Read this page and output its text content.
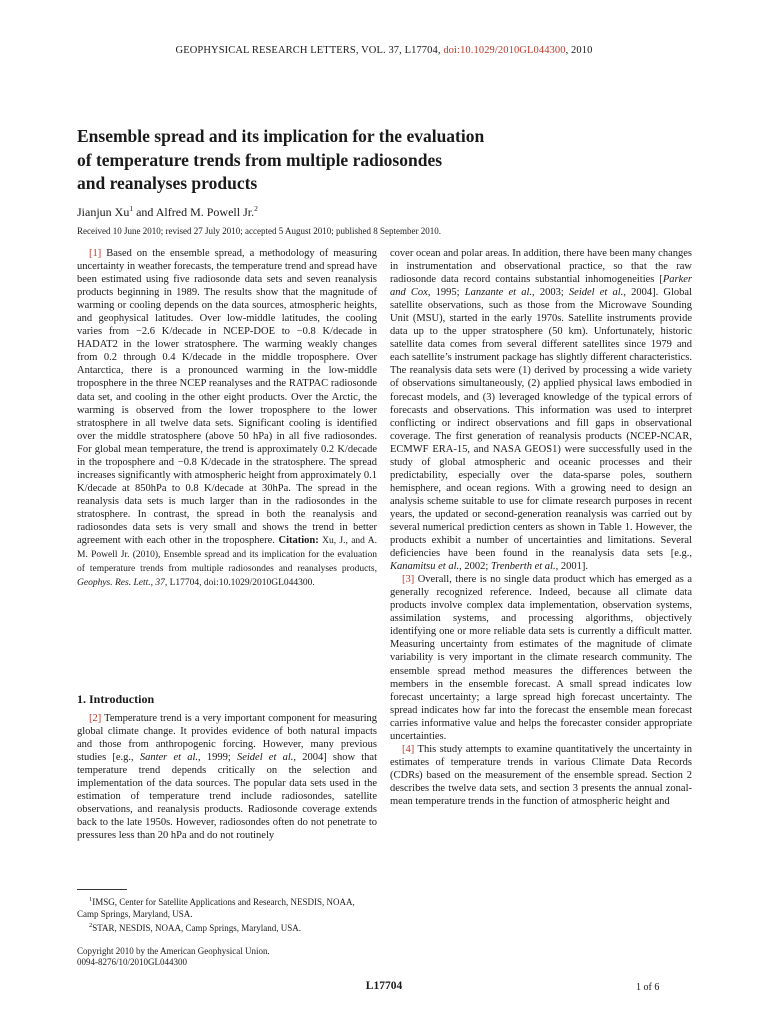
GEOPHYSICAL RESEARCH LETTERS, VOL. 37, L17704, doi:10.1029/2010GL044300, 2010
Ensemble spread and its implication for the evaluation
of temperature trends from multiple radiosondes
and reanalyses products
Jianjun Xu$^1$ and Alfred M. Powell Jr.$^2$
Received 10 June 2010; revised 27 July 2010; accepted 5 August 2010; published 8 September 2010.

[1] Based on the ensemble spread, a methodology of measuring uncertainty in weather forecasts, the temperature trend and spread have been estimated using five radiosonde data sets and seven reanalysis products beginning in 1989. The results show that the magnitude of warming or cooling depends on the data sources, atmospheric heights, and geophysical latitudes. Over low-middle latitudes, the cooling varies from −2.6 K/decade in NCEP-DOE to −0.8 K/decade in HADAT2 in the lower stratosphere. The warming weakly changes from 0.2 through 0.4 K/decade in the middle troposphere. Over Antarctica, there is a pronounced warming in the low-middle troposphere in the three NCEP reanalyses and the RATPAC radiosonde data set, and cooling in the other eight products. Over the Arctic, the warming is observed from the lower troposphere to the lower stratosphere in all twelve data sets. Significant cooling is identified over the middle stratosphere (above 50 hPa) in all five radiosondes. For global mean temperature, the trend is approximately 0.2 K/decade in the troposphere and −0.8 K/decade in the stratosphere. The spread increases significantly with atmospheric height from approximately 0.1 K/decade at 850hPa to 0.8 K/decade at 30hPa. The spread in the reanalysis data sets is much larger than in the radiosondes in the stratosphere. In contrast, the spread in both the reanalysis and radiosondes data sets is very small and shows the trend in better agreement with each other in the troposphere. Citation: Xu, J., and A. M. Powell Jr. (2010), Ensemble spread and its implication for the evaluation of temperature trends from multiple radiosondes and reanalyses products, Geophys. Res. Lett., 37, L17704, doi:10.1029/2010GL044300.

1. Introduction

[2] Temperature trend is a very important component for measuring global climate change. It provides evidence of both natural impacts and those from anthropogenic forcing. However, many previous studies [e.g., Santer et al., 1999; Seidel et al., 2004] show that temperature trend depends critically on the selection and implementation of the data sources. The popular data sets used in the estimation of temperature trend include radiosondes, satellite observations, and reanalysis products. Radiosonde coverage extends back to the late 1950s. However, radiosondes often do not penetrate to pressures less than 20 hPa and do not routinely

cover ocean and polar areas. In addition, there have been many changes in instrumentation and observational practice, so that the raw radiosonde data record contains substantial inhomogeneities [Parker and Cox, 1995; Lanzante et al., 2003; Seidel et al., 2004]. Global satellite observations, such as those from the Microwave Sounding Unit (MSU), started in the early 1970s. Satellite instruments provide data up to the upper stratosphere (50 km). Unfortunately, historic satellite data comes from several different satellites since 1979 and each satellite’s instrument package has slightly different characteristics. The reanalysis data sets were (1) derived by processing a wide variety of observations simultaneously, (2) applied physical laws embodied in forecast models, and (3) leveraged knowledge of the typical errors of forecasts and observations. This information was used to interpret conflicting or indirect observations and fill gaps in observational coverage. The first generation of reanalysis products (NCEP-NCAR, ECMWF ERA-15, and NASA GEOS1) were successfully used in the study of global atmospheric and oceanic processes and their predictability, especially over the data-sparse poles, southern hemisphere, and ocean regions. With a growing need to design an analysis scheme suitable to use for climate research purposes in recent years, the updated or second-generation reanalysis was carried out by several numerical prediction centers as shown in Table 1. However, the products exhibit a number of uncertainties and limitations. Several deficiencies have been found in the reanalysis data sets [e.g., Kanamitsu et al., 2002; Trenberth et al., 2001].

[3] Overall, there is no single data product which has emerged as a generally recognized reference. Indeed, because all climate data products involve complex data implementation, observation systems, assimilation systems, and processing algorithms, objectively identifying one or more reliable data sets is currently a difficult matter. Measuring uncertainty from estimates of the magnitude of climate variability is very important in the climate research community. The ensemble spread method measures the differences between the members in the ensemble forecast. A small spread indicates low forecast uncertainty; a large spread high forecast uncertainty. The spread indicates how far into the forecast the ensemble mean forecast carries informative value and helps the forecaster consider appropriate uncertainties.

[4] This study attempts to examine quantitatively the uncertainty in estimates of temperature trends in various Climate Data Records (CDRs) based on the measurement of the ensemble spread. Section 2 describes the twelve data sets, and section 3 presents the annual zonal-mean temperature trends in the function of atmospheric height and

$^1$IMSG, Center for Satellite Applications and Research, NESDIS, NOAA, Camp Springs, Maryland, USA.

$^2$STAR, NESDIS, NOAA, Camp Springs, Maryland, USA.

Copyright 2010 by the American Geophysical Union.
0094-8276/10/2010GL044300
L17704	1 of 6
